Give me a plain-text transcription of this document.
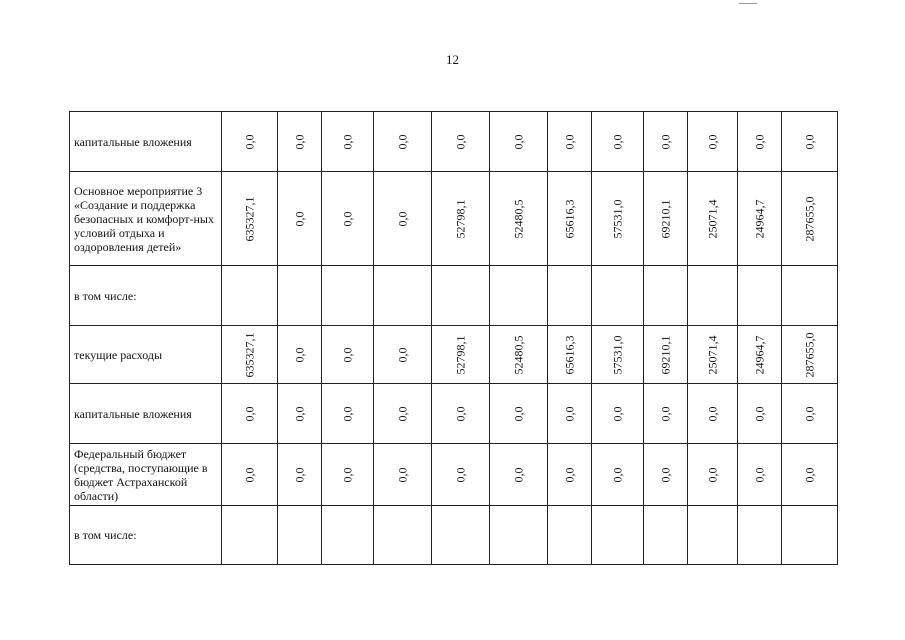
12
капитальные вложения	0,0	0,0	0,0	0,0	0,0	0,0	0,0	0,0	0,0	0,0	0,0	0,0

Основное мероприятие 3 «Создание и поддержка безопасных и комфорт-ных условий отдыха и оздоровления детей»	635327,1	0,0	0,0	0,0	52798,1	52480,5	65616,3	57531,0	69210,1	25071,4	24964,7	287655,0

в том числе:	

текущие расходы	635327,1	0,0	0,0	0,0	52798,1	52480,5	65616,3	57531,0	69210,1	25071,4	24964,7	287655,0

капитальные вложения	0,0	0,0	0,0	0,0	0,0	0,0	0,0	0,0	0,0	0,0	0,0	0,0

Федеральный бюджет (средства, поступающие в бюджет Астраханской области)	0,0	0,0	0,0	0,0	0,0	0,0	0,0	0,0	0,0	0,0	0,0	0,0

в том числе:	
